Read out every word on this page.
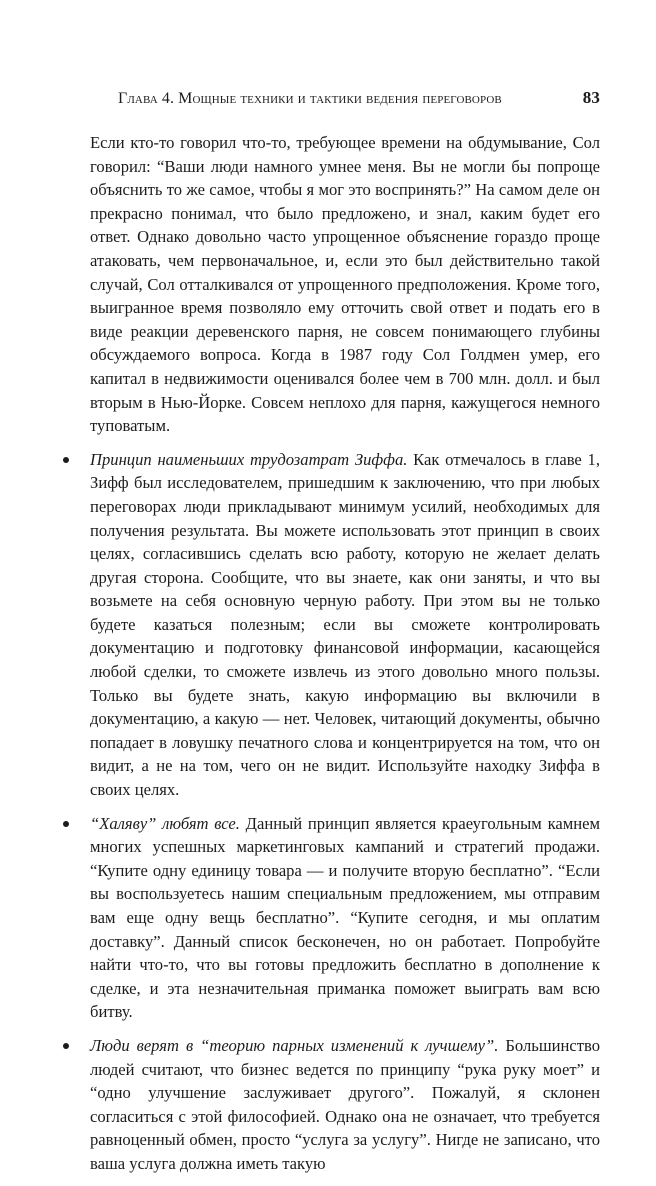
Глава 4. Мощные техники и тактики ведения переговоров	83

Если кто-то говорил что-то, требующее времени на обдумывание, Сол говорил: “Ваши люди намного умнее меня. Вы не могли бы попроще объяснить то же самое, чтобы я мог это воспринять?” На самом деле он прекрасно понимал, что было предложено, и знал, каким будет его ответ. Однако довольно часто упрощенное объяснение гораздо проще атаковать, чем первоначальное, и, если это был действительно такой случай, Сол отталкивался от упрощенного предположения. Кроме того, выигранное время позволяло ему отточить свой ответ и подать его в виде реакции деревенского парня, не совсем понимающего глубины обсуждаемого вопроса. Когда в 1987 году Сол Голдмен умер, его капитал в недвижимости оценивался более чем в 700 млн. долл. и был вторым в Нью-Йорке. Совсем неплохо для парня, кажущегося немного туповатым.

Принцип наименьших трудозатрат Зиффа. Как отмечалось в главе 1, Зифф был исследователем, пришедшим к заключению, что при любых переговорах люди прикладывают минимум усилий, необходимых для получения результата. Вы можете использовать этот принцип в своих целях, согласившись сделать всю работу, которую не желает делать другая сторона. Сообщите, что вы знаете, как они заняты, и что вы возьмете на себя основную черную работу. При этом вы не только будете казаться полезным; если вы сможете контролировать документацию и подготовку финансовой информации, касающейся любой сделки, то сможете извлечь из этого довольно много пользы. Только вы будете знать, какую информацию вы включили в документацию, а какую — нет. Человек, читающий документы, обычно попадает в ловушку печатного слова и концентрируется на том, что он видит, а не на том, чего он не видит. Используйте находку Зиффа в своих целях.
“Халяву” любят все. Данный принцип является краеугольным камнем многих успешных маркетинговых кампаний и стратегий продажи. “Купите одну единицу товара — и получите вторую бесплатно”. “Если вы воспользуетесь нашим специальным предложением, мы отправим вам еще одну вещь бесплатно”. “Купите сегодня, и мы оплатим доставку”. Данный список бесконечен, но он работает. Попробуйте найти что-то, что вы готовы предложить бесплатно в дополнение к сделке, и эта незначительная приманка поможет выиграть вам всю битву.
Люди верят в “теорию парных изменений к лучшему”. Большинство людей считают, что бизнес ведется по принципу “рука руку моет” и “одно улучшение заслуживает другого”. Пожалуй, я склонен согласиться с этой философией. Однако она не означает, что требуется равноценный обмен, просто “услуга за услугу”. Нигде не записано, что ваша услуга должна иметь такую
